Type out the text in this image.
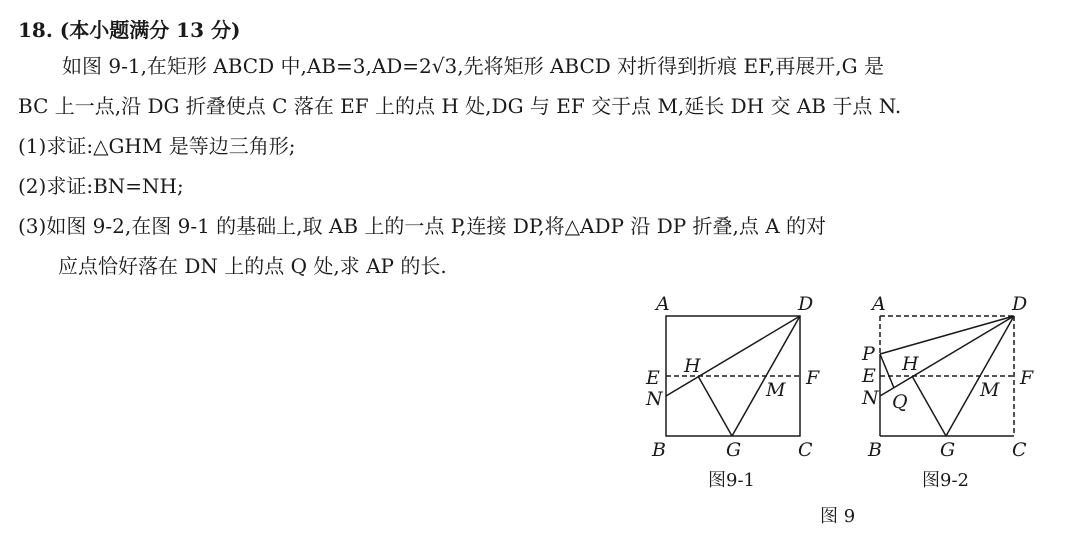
18. (本小题满分 13 分)
如图 9-1,在矩形 ABCD 中,AB=3,AD=2√3,先将矩形 ABCD 对折得到折痕 EF,再展开,G 是
BC 上一点,沿 DG 折叠使点 C 落在 EF 上的点 H 处,DG 与 EF 交于点 M,延长 DH 交 AB 于点 N.
(1)求证:△GHM 是等边三角形;
(2)求证:BN=NH;
(3)如图 9-2,在图 9-1 的基础上,取 AB 上的一点 P,连接 DP,将△ADP 沿 DP 折叠,点 A 的对
应点恰好落在 DN 上的点 Q 处,求 AP 的长.
A	D
E	F
N
H
M
B	G	C
图9-1
A	D
P
E	F
N
H
Q
M
B	G	C
图9-2
图 9
